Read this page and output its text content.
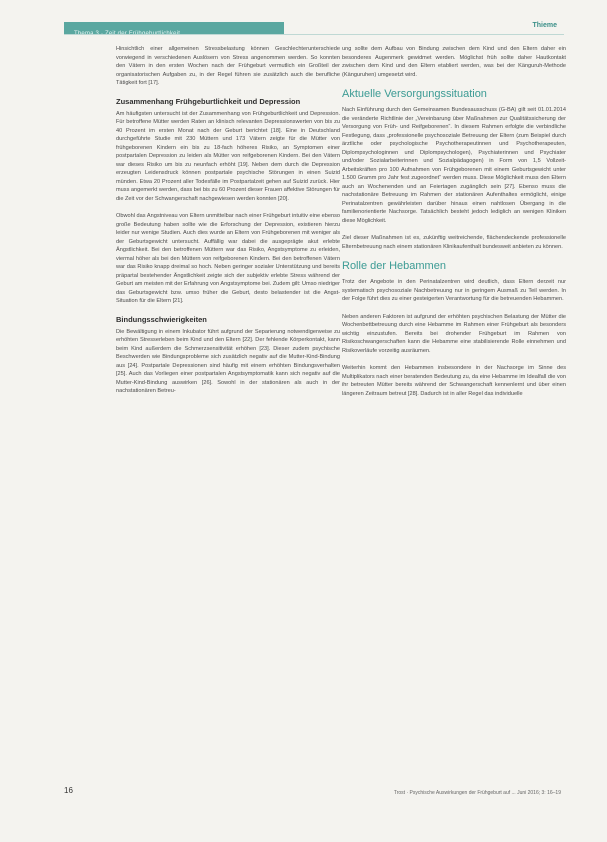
Thieme

Hinsichtlich einer allgemeinen Stressbelastung können Geschlechterunterschiede vorwiegend in verschiedenen Auslösern von Stress angenommen werden. So konnten den Vätern in den ersten Wochen nach der Frühgeburt vermutlich ein Großteil der organisatorischen Aufgaben zu, in der Regel führen sie zusätzlich auch die berufliche Tätigkeit fort [17].

Zusammenhang Frühgeburtlichkeit und Depression

Am häufigsten untersucht ist der Zusammenhang von Frühgeburtlichkeit und Depression. Für betroffene Mütter werden Raten an klinisch relevanten Depressionswerten von bis zu 40 Prozent im ersten Monat nach der Geburt berichtet [18]. Eine in Deutschland durchgeführte Studie mit 230 Müttern und 173 Vätern zeigte für die Mütter von frühgeborenen Kindern ein bis zu 18-fach höheres Risiko, an Symptomen einer postpartalen Depression zu leiden als Mütter von reifgeborenen Kindern. Bei den Vätern war dieses Risiko um bis zu neunfach erhöht [19]. Neben dem durch die Depression erzeugten Leidensdruck können postpartale psychische Störungen in einen Suizid münden. Etwa 20 Prozent aller Todesfälle im Postpartalzeit gehen auf Suizid zurück. Hier muss angemerkt werden, dass bei bis zu 60 Prozent dieser Frauen affektive Störungen für die Zeit vor der Schwangerschaft nachgewiesen werden konnten [20].

Obwohl das Angstniveau von Eltern unmittelbar nach einer Frühgeburt intuitiv eine ebenso große Bedeutung haben sollte wie die Erforschung der Depression, existieren hierzu leider nur wenige Studien. Auch dies wurde an Eltern von Frühgeborenen mit weniger als der Geburtsgewicht untersucht. Auffällig war dabei die ausgeprägte akut erlebte Ängstlichkeit. Bei den betroffenen Müttern war das Risiko, Angstsymptome zu erleiden, viermal höher als bei den Müttern von reifgeborenen Kindern. Bei den betroffenen Vätern war das Risiko knapp dreimal so hoch. Neben geringer sozialer Unterstützung und bereits präpartal bestehender Ängstlichkeit zeigte sich der subjektiv erlebte Stress während der Geburt am meisten mit der Erfahrung von Angstsymptome bei. Zudem gilt: Umso niedriger das Geburtsgewicht bzw. umso früher die Geburt, desto belastender ist die Angst-Situation für die Eltern [21].

Bindungsschwierigkeiten

Die Bewältigung in einem Inkubator führt aufgrund der Separierung notwendigerweise zu erhöhten Stresserleben beim Kind und den Eltern [22]. Der fehlende Körperkontakt, kann beim Kind außerdem die Schmerzsensitivität erhöhen [23]. Dieser zudem psychische Beschwerden wie Bindungsprobleme sich zusätzlich negativ auf die Mutter-Kind-Bindung aus [24]. Postpartale Depressionen sind häufig mit einem erhöhten Bindungsverhalten [25]. Auch das Vorliegen einer postpartalen Angstsymptomatik kann sich negativ auf die Mutter-Kind-Bindung auswirken [26]. Sowohl in der stationären als auch in der nachstationären Betreu-

ung sollte dem Aufbau von Bindung zwischen dem Kind und den Eltern daher ein besonderes Augenmerk gewidmet werden. Möglichst früh sollte daher Hautkontakt zwischen dem Kind und den Eltern etabliert werden, was bei der Känguruh-Methode (Känguruhen) umgesetzt wird.

Aktuelle Versorgungssituation

Nach Einführung durch den Gemeinsamen Bundesausschuss (G-BA) gilt seit 01.01.2014 die veränderte Richtlinie der „Vereinbarung über Maßnahmen zur Qualitätssicherung der Versorgung von Früh- und Reifgeborenen“. In diesem Rahmen erfolgte die verbindliche Festlegung, dass „professionelle psychosoziale Betreuung der Eltern (zum Beispiel durch ärztliche oder psychologische Psychotherapeutinnen und Psychotherapeuten, Diplompsychologinnen und Diplompsychologen), Psychiaterinnen und Psychiater und/oder Sozialarbeiterinnen und Sozialpädagogen) in Form von 1,5 Vollzeit-Arbeitskräften pro 100 Aufnahmen von Frühgeborenen mit einem Geburtsgewicht unter 1.500 Gramm pro Jahr fest zugeordnet“ werden muss. Diese Möglichkeit muss den Eltern auch an Wochenenden und an Feiertagen zugänglich sein [27]. Ebenso muss die nachstationäre Betreuung im Rahmen der stationären Aufenthaltes ermöglicht, einige Perinatalzentren gewährleisten darüber hinaus einen nahtlosen Übergang in die familienorientierte Nachsorge. Tatsächlich besteht jedoch lediglich an wenigen Kliniken diese Möglichkeit.

Ziel dieser Maßnahmen ist es, zukünftig weitreichende, flächendeckende professionelle Elternbetreuung nach einem stationären Klinikaufenthalt bundesweit anbieten zu können.

Rolle der Hebammen

Trotz der Angebote in den Perinatalzentren wird deutlich, dass Eltern derzeit nur systematisch psychosoziale Nachbetreuung nur in geringem Ausmaß zu Teil werden. In der Folge führt dies zu einer gesteigerten Verantwortung für die betreuenden Hebammen.

Neben anderen Faktoren ist aufgrund der erhöhten psychischen Belastung der Mütter die Wochenbettbetreuung durch eine Hebamme im Rahmen einer Frühgeburt als besonders wichtig einzustufen. Bereits bei drohender Frühgeburt im Rahmen von Risikoschwangerschaften kann die Hebamme eine stabilisierende Rolle einnehmen und Risikoverläufe vorzeitig ausräumen.

Weiterhin kommt den Hebammen insbesondere in der Nachsorge im Sinne des Multiplikators nach einer beratenden Bedeutung zu, da eine Hebamme im Idealfall die von ihr betreuten Mütter bereits während der Schwangerschaft kennenlernt und über einen längeren Zeitraum betreut [28]. Dadurch ist in aller Regel das individuelle

16	Trost · Psychische Auswirkungen der Frühgeburt auf ... Juni 2016; 3: 16–19
